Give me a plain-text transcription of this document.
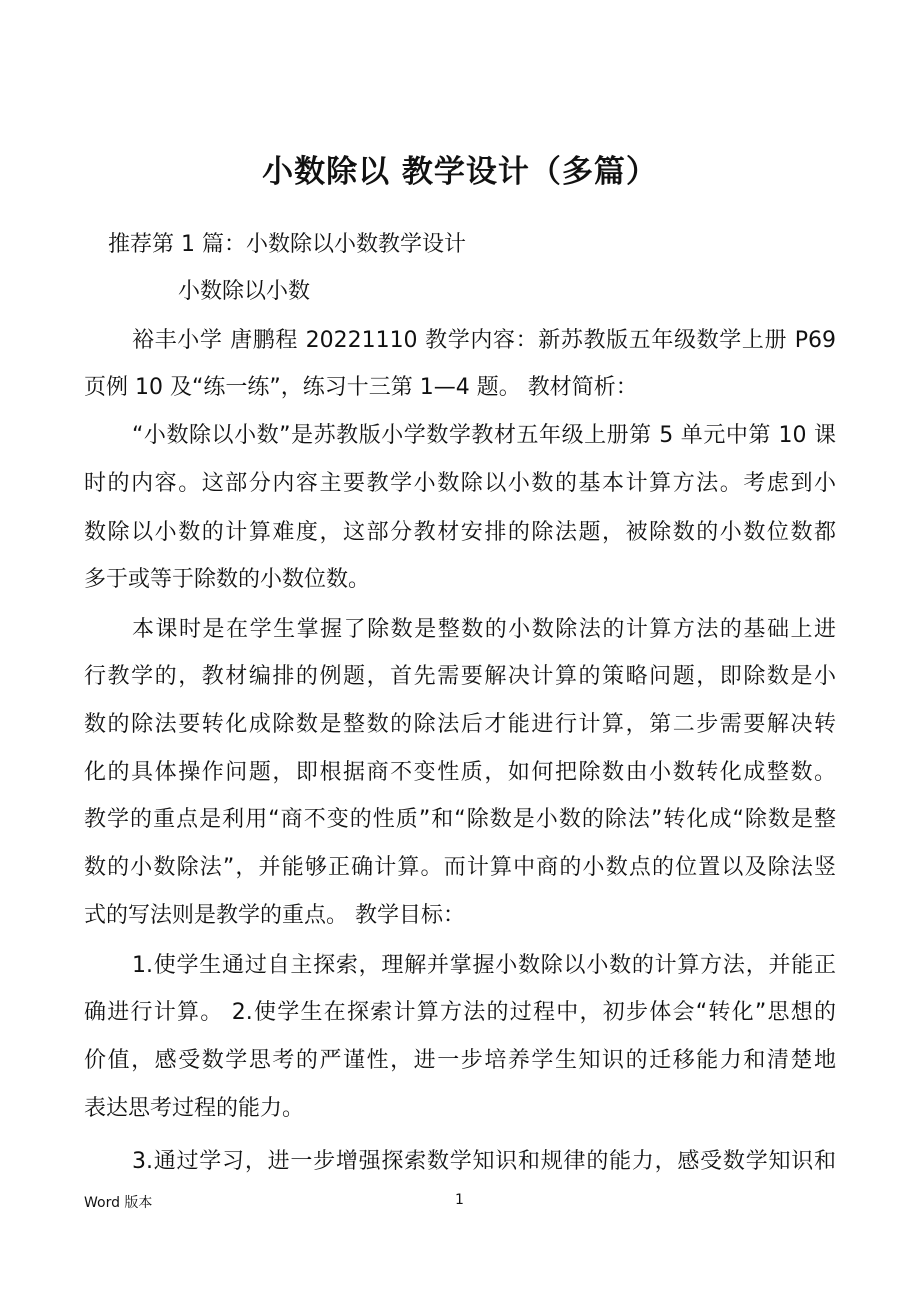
小数除以 教学设计（多篇）
推荐第 1 篇：小数除以小数教学设计
小数除以小数
裕丰小学 唐鹏程 20221110 教学内容：新苏教版五年级数学上册 P69
页例 10 及“练一练”，练习十三第 1—4 题。 教材简析：
“小数除以小数”是苏教版小学数学教材五年级上册第 5 单元中第 10 课
时的内容。这部分内容主要教学小数除以小数的基本计算方法。考虑到小
数除以小数的计算难度，这部分教材安排的除法题，被除数的小数位数都
多于或等于除数的小数位数。
本课时是在学生掌握了除数是整数的小数除法的计算方法的基础上进
行教学的，教材编排的例题，首先需要解决计算的策略问题，即除数是小
数的除法要转化成除数是整数的除法后才能进行计算，第二步需要解决转
化的具体操作问题，即根据商不变性质，如何把除数由小数转化成整数。
教学的重点是利用“商不变的性质”和“除数是小数的除法”转化成“除数是整
数的小数除法”，并能够正确计算。而计算中商的小数点的位置以及除法竖
式的写法则是教学的重点。 教学目标：
1.使学生通过自主探索，理解并掌握小数除以小数的计算方法，并能正
确进行计算。 2.使学生在探索计算方法的过程中，初步体会“转化”思想的
价值，感受数学思考的严谨性，进一步培养学生知识的迁移能力和清楚地
表达思考过程的能力。
3.通过学习，进一步增强探索数学知识和规律的能力，感受数学知识和
Word 版本	1
